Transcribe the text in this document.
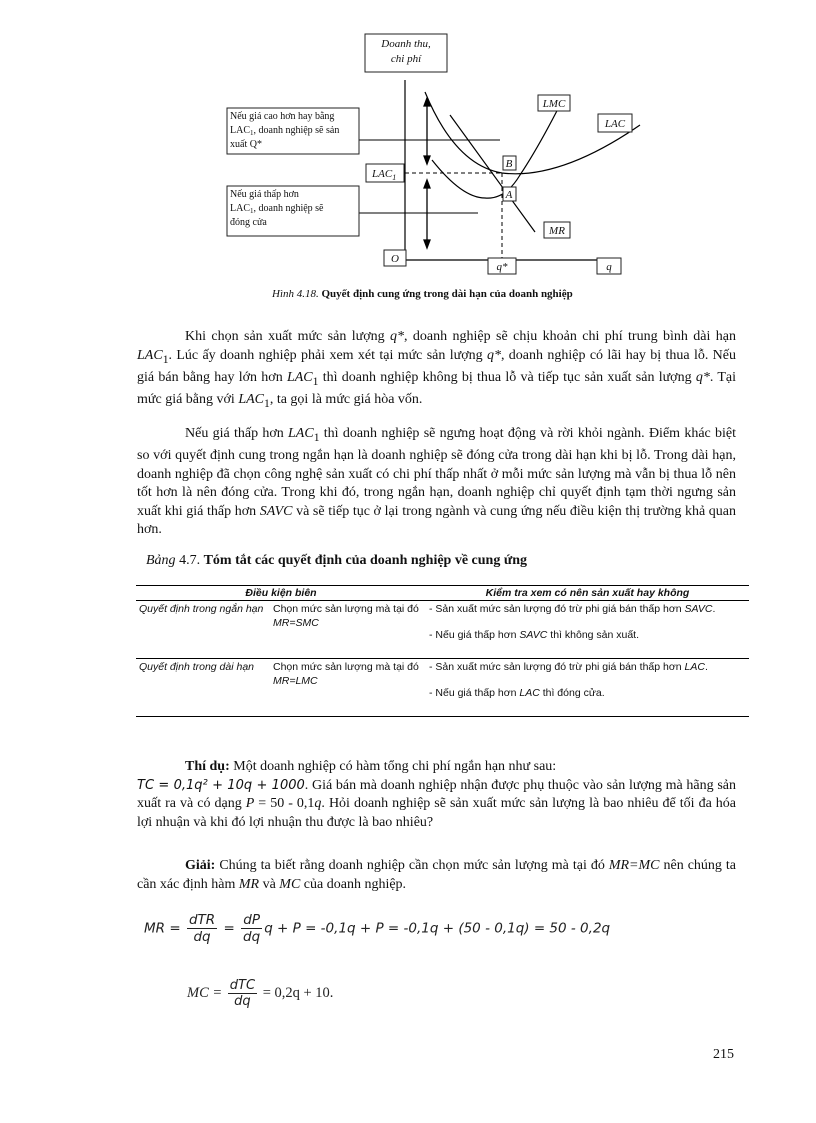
Doanh thu,
chi phí
O
q
q*
$LAC_1$
LMC
LAC
MR
B
A
Nếu giá cao hơn hay bằng
$LAC_1$, doanh nghiệp sẽ sản
xuất Q*
Nếu giá thấp hơn
$LAC_1$, doanh nghiệp sẽ
đóng cửa
Hình 4.18. Quyết định cung ứng trong dài hạn của doanh nghiệp

Khi chọn sản xuất mức sản lượng q*, doanh nghiệp sẽ chịu khoản chi phí trung bình dài hạn $LAC_1$. Lúc ấy doanh nghiệp phải xem xét tại mức sản lượng q*, doanh nghiệp có lãi hay bị thua lỗ. Nếu giá bán bằng hay lớn hơn $LAC_1$ thì doanh nghiệp không bị thua lỗ và tiếp tục sản xuất sản lượng q*. Tại mức giá bằng với $LAC_1$, ta gọi là mức giá hòa vốn.

Nếu giá thấp hơn $LAC_1$ thì doanh nghiệp sẽ ngưng hoạt động và rời khỏi ngành. Điểm khác biệt so với quyết định cung trong ngắn hạn là doanh nghiệp sẽ đóng cửa trong dài hạn khi bị lỗ. Trong dài hạn, doanh nghiệp đã chọn công nghệ sản xuất có chi phí thấp nhất ở mỗi mức sản lượng mà vẫn bị thua lỗ nên tốt hơn là nên đóng cửa. Trong khi đó, trong ngắn hạn, doanh nghiệp chỉ quyết định tạm thời ngưng sản xuất khi giá thấp hơn SAVC và sẽ tiếp tục ở lại trong ngành và cung ứng nếu điều kiện thị trường khả quan hơn.

Bảng 4.7. Tóm tắt các quyết định của doanh nghiệp về cung ứng
Điều kiện biên		Kiểm tra xem có nên sản xuất hay không
Quyết định trong ngắn hạn	Chọn mức sản lượng mà tại đó MR=SMC	- Sản xuất mức sản lượng đó trừ phi giá bán thấp hơn SAVC.
- Nếu giá thấp hơn SAVC thì không sản xuất.

Quyết định trong dài hạn	Chọn mức sản lượng mà tại đó MR=LMC	- Sản xuất mức sản lượng đó trừ phi giá bán thấp hơn LAC.
- Nếu giá thấp hơn LAC thì đóng cửa.

Thí dụ: Một doanh nghiệp có hàm tổng chi phí ngắn hạn như sau:
TC = 0,1q² + 10q + 1000. Giá bán mà doanh nghiệp nhận được phụ thuộc vào sản lượng mà hãng sản xuất ra và có dạng P = 50 - 0,1q. Hỏi doanh nghiệp sẽ sản xuất mức sản lượng là bao nhiêu để tối đa hóa lợi nhuận và khi đó lợi nhuận thu được là bao nhiêu?

Giải: Chúng ta biết rằng doanh nghiệp cần chọn mức sản lượng mà tại đó MR=MC nên chúng ta cần xác định hàm MR và MC của doanh nghiệp.

MR = $\frac{\text{dTR}}{dq} = \frac{dP}{dq}$ q + P = -0,1q + P = -0,1q + (50 - 0,1q) = 50 - 0,2q
MC = $\frac{\text{dTC}}{dq} = 0,2q + 10$.
215
